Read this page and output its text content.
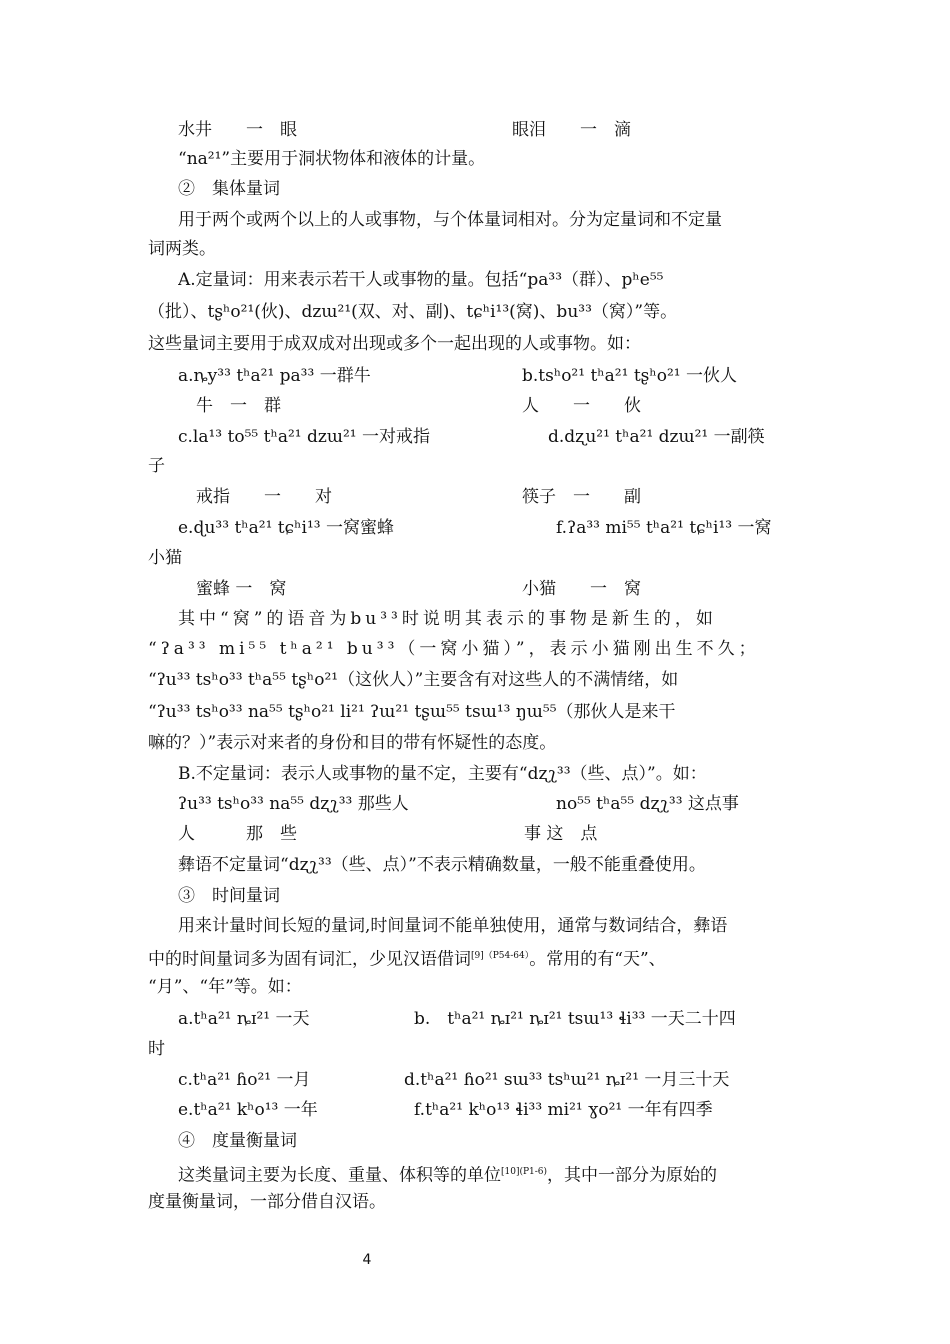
水井　　一　眼	眼泪　　一　滴
“na²¹”主要用于洞状物体和液体的计量。
②　集体量词
用于两个或两个以上的人或事物，与个体量词相对。分为定量词和不定量
词两类。
A.定量词：用来表示若干人或事物的量。包括“pa³³（群）、pʰe⁵⁵
（批）、tʂʰo²¹(伙)、dzɯ²¹(双、对、副)、tɕʰi¹³(窝)、bu³³（窝）”等。
这些量词主要用于成双成对出现或多个一起出现的人或事物。如：
a.ȵy³³ tʰa²¹ pa³³ 一群牛	b.tsʰo²¹ tʰa²¹ tʂʰo²¹ 一伙人
牛　一　群	人　　一　　伙
c.la¹³ to⁵⁵ tʰa²¹ dzɯ²¹ 一对戒指	d.dʐu²¹ tʰa²¹ dzɯ²¹ 一副筷
子
戒指　　一　　对	筷子　一　　副
e.ɖu³³ tʰa²¹ tɕʰi¹³ 一窝蜜蜂	f.ʔa³³ mi⁵⁵ tʰa²¹ tɕʰi¹³ 一窝
小猫
蜜蜂 一　窝	小猫　　一　窝
其中“窝”的语音为bu³³时说明其表示的事物是新生的，如
“ʔa³³ mi⁵⁵ tʰa²¹ bu³³（一窝小猫）”，表示小猫刚出生不久；
“ʔu³³ tsʰo³³ tʰa⁵⁵ tʂʰo²¹（这伙人）”主要含有对这些人的不满情绪，如
“ʔu³³ tsʰo³³ na⁵⁵ tʂʰo²¹ li²¹ ʔɯ²¹ tʂɯ⁵⁵ tsɯ¹³ ŋɯ⁵⁵（那伙人是来干
嘛的？）”表示对来者的身份和目的带有怀疑性的态度。
B.不定量词：表示人或事物的量不定，主要有“dʐʅ³³（些、点）”。如：
ʔu³³ tsʰo³³ na⁵⁵ dʐʅ³³ 那些人	no⁵⁵ tʰa⁵⁵ dʐʅ³³ 这点事
人　　　那　些	事 这　点
彝语不定量词“dʐʅ³³（些、点）”不表示精确数量，一般不能重叠使用。
③　时间量词
用来计量时间长短的量词,时间量词不能单独使用，通常与数词结合，彝语
中的时间量词多为固有词汇，少见汉语借词$^{[9](P54-64)}$。常用的有“天”、
“月”、“年”等。如：
a.tʰa²¹ ȵɪ²¹ 一天	b.　tʰa²¹ ȵɪ²¹ ȵɪ²¹ tsɯ¹³ ɬi³³ 一天二十四
时
c.tʰa²¹ ɦo²¹ 一月	d.tʰa²¹ ɦo²¹ sɯ³³ tsʰɯ²¹ ȵɪ²¹ 一月三十天
e.tʰa²¹ kʰo¹³ 一年	f.tʰa²¹ kʰo¹³ ɬi³³ mi²¹ ɣo²¹ 一年有四季
④　度量衡量词
这类量词主要为长度、重量、体积等的单位$^{[10](P1-6)}$，其中一部分为原始的
度量衡量词，一部分借自汉语。
4
